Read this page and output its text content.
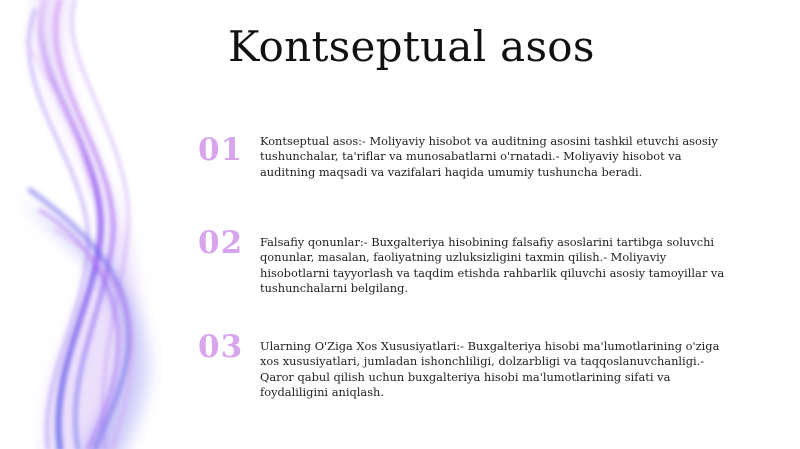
Kontseptual asos
01 Kontseptual asos:- Moliyaviy hisobot va auditning asosini tashkil etuvchi asosiy tushunchalar, ta'riflar va munosabatlarni o'rnatadi.- Moliyaviy hisobot va auditning maqsadi va vazifalari haqida umumiy tushuncha beradi.
02 Falsafiy qonunlar:- Buxgalteriya hisobining falsafiy asoslarini tartibga soluvchi qonunlar, masalan, faoliyatning uzluksizligini taxmin qilish.- Moliyaviy hisobotlarni tayyorlash va taqdim etishda rahbarlik qiluvchi asosiy tamoyillar va tushunchalarni belgilang.
03 Ularning O'Ziga Xos Xususiyatlari:- Buxgalteriya hisobi ma'lumotlarining o'ziga xos xususiyatlari, jumladan ishonchliligi, dolzarbligi va taqqoslanuvchanligi.- Qaror qabul qilish uchun buxgalteriya hisobi ma'lumotlarining sifati va foydaliligini aniqlash.
